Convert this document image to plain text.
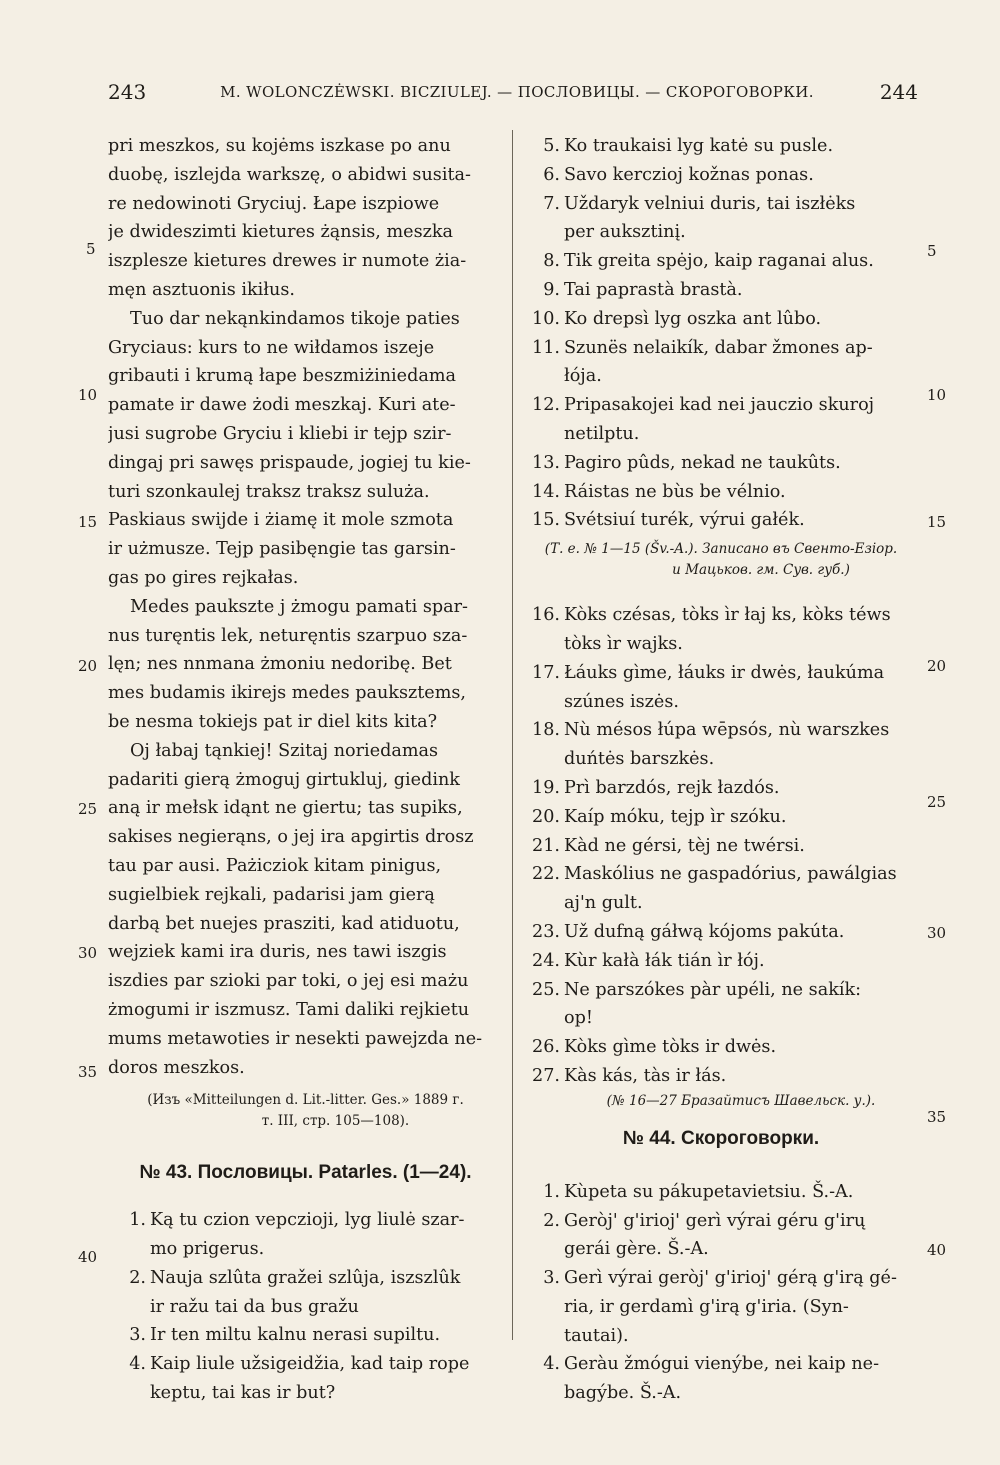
243	M. WOLONCZĖWSKI. BICZIULEJ. — ПОСЛОВИЦЫ. — СКОРОГОВОРКИ.	244
5
10
15
20
25
30
35
40
5
10
15
20
25
30
35
40
pri meszkos, su kojėms iszkase po anu
duobę, iszlejda warkszę, o abidwi susita-
re nedowinoti Gryciuj. Łape iszpiowe
je dwideszimti kietures żąnsis, meszka
iszplesze kietures drewes ir numote żia-
męn asztuonis ikiłus.
Tuo dar nekąnkindamos tikoje paties
Gryciaus: kurs to ne wiłdamos iszeje
gribauti i krumą łape beszmiżiniedama
pamate ir dawe żodi meszkaj. Kuri ate-
jusi sugrobe Gryciu i kliebi ir tejp szir-
dingaj pri sawęs prispaude, jogiej tu kie-
turi szonkaulej traksz traksz sulużа.
Paskiaus swijde i żiamę it mole szmota
ir użmusze. Tejp pasibęngie tas garsin-
gas po gires rejkałas.
Medes paukszte j żmogu pamati spar-
nus turęntis lek, neturęntis szarpuo sza-
lęn; nes nnmana żmoniu nedoribę. Bet
mes budamis ikirejs medes pauksztems,
be nesma tokiejs pat ir diel kits kita?
Oj łabaj tąnkiej! Szitaj noriedamas
padariti gierą żmoguj girtukluj, giedink
aną ir mełsk idąnt ne giertu; tas supiks,
sakises negierąns, o jej ira apgirtis drosz
tau par ausi. Pażicziok kitam pinigus,
sugielbiek rejkali, padarisi jam gierą
darbą bet nuejes prasziti, kad atiduotu,
wejziek kami ira duris, nes tawi iszgis
iszdies par szioki par toki, o jej esi mażu
żmogumi ir iszmusz. Tami daliki rejkietu
mums metawoties ir nesekti pawejzda ne-
doros meszkos.
(Изъ «Mitteilungen d. Lit.-litter. Ges.» 1889 г.
т. III, стр. 105—108).
№ 43. Пословицы. Patarles. (1—24).
1. Ką tu czion vepczioji, lyg liulė szar-
mo prigerus.
2. Nauja szlûta gražei szlûja, iszszlûk
ir ražu tai da bus gražu
3. Ir ten miltu kalnu nerasi supiltu.
4. Kaip liule užsigeidžia, kad taip rope
keptu, tai kas ir but?
5. Ko traukaisi lyg katė su pusle.
6. Savo kercziој kožnas ponas.
7. Uždaryk velniui duris, tai iszłėks
per auksztinį.
8. Tik greita spėjo, kaip raganai alus.
9. Tai paprastà brastà.
10. Ko drepsì lyg oszka ant lûbo.
11. Szunës nelaikík, dabar žmones ap-
łója.
12. Pripasakojei kad nei jauczio skuroj
netilptu.
13. Pagiro pûds, nekad ne taukûts.
14. Ráistas ne bùs be vélnio.
15. Svétsiuí turék, výrui gałék.
(Т. е. № 1—15 (Šv.-A.). Записано въ Свенто-Езіор.
и Мацьков. гм. Cyв. губ.)
16. Kòks czésas, tòks ìr łaj ks, kòks téws
tòks ìr wajks.
17. Łáuks gìme, łáuks ir dwės, łaukúma
szúnes iszės.
18. Nù mésos łúpa wēpsós, nù warszkes
duńtės barszkės.
19. Prì barzdós, rejk łazdós.
20. Kaíp móku, tejp ìr szóku.
21. Kàd ne gérsi, tèj ne twérsi.
22. Maskólius ne gaspadórius, pawálgias
aj'n gult.
23. Už dufną gáłwą kójoms pakúta.
24. Kùr kałà łák tián ìr łój.
25. Ne parszókes pàr upéli, ne sakík:
op!
26. Kòks gìme tòks ir dwės.
27. Kàs kás, tàs ir łás.
(№ 16—27 Бразайтисъ Шавельск. у.).
№ 44. Скороговорки.
1. Kùpeta su pákupetavietsiu. Š.-A.
2. Geròj' g'irioj' gerì výrai géru g'irų
gerái gère. Š.-A.
3. Gerì výrai geròj' g'irioj' gérą g'irą gé-
ria, ir gerdamì g'irą g'iria. (Syn-
tautai).
4. Geràu žmógui vienýbe, nei kaip ne-
bagýbe. Š.-A.
